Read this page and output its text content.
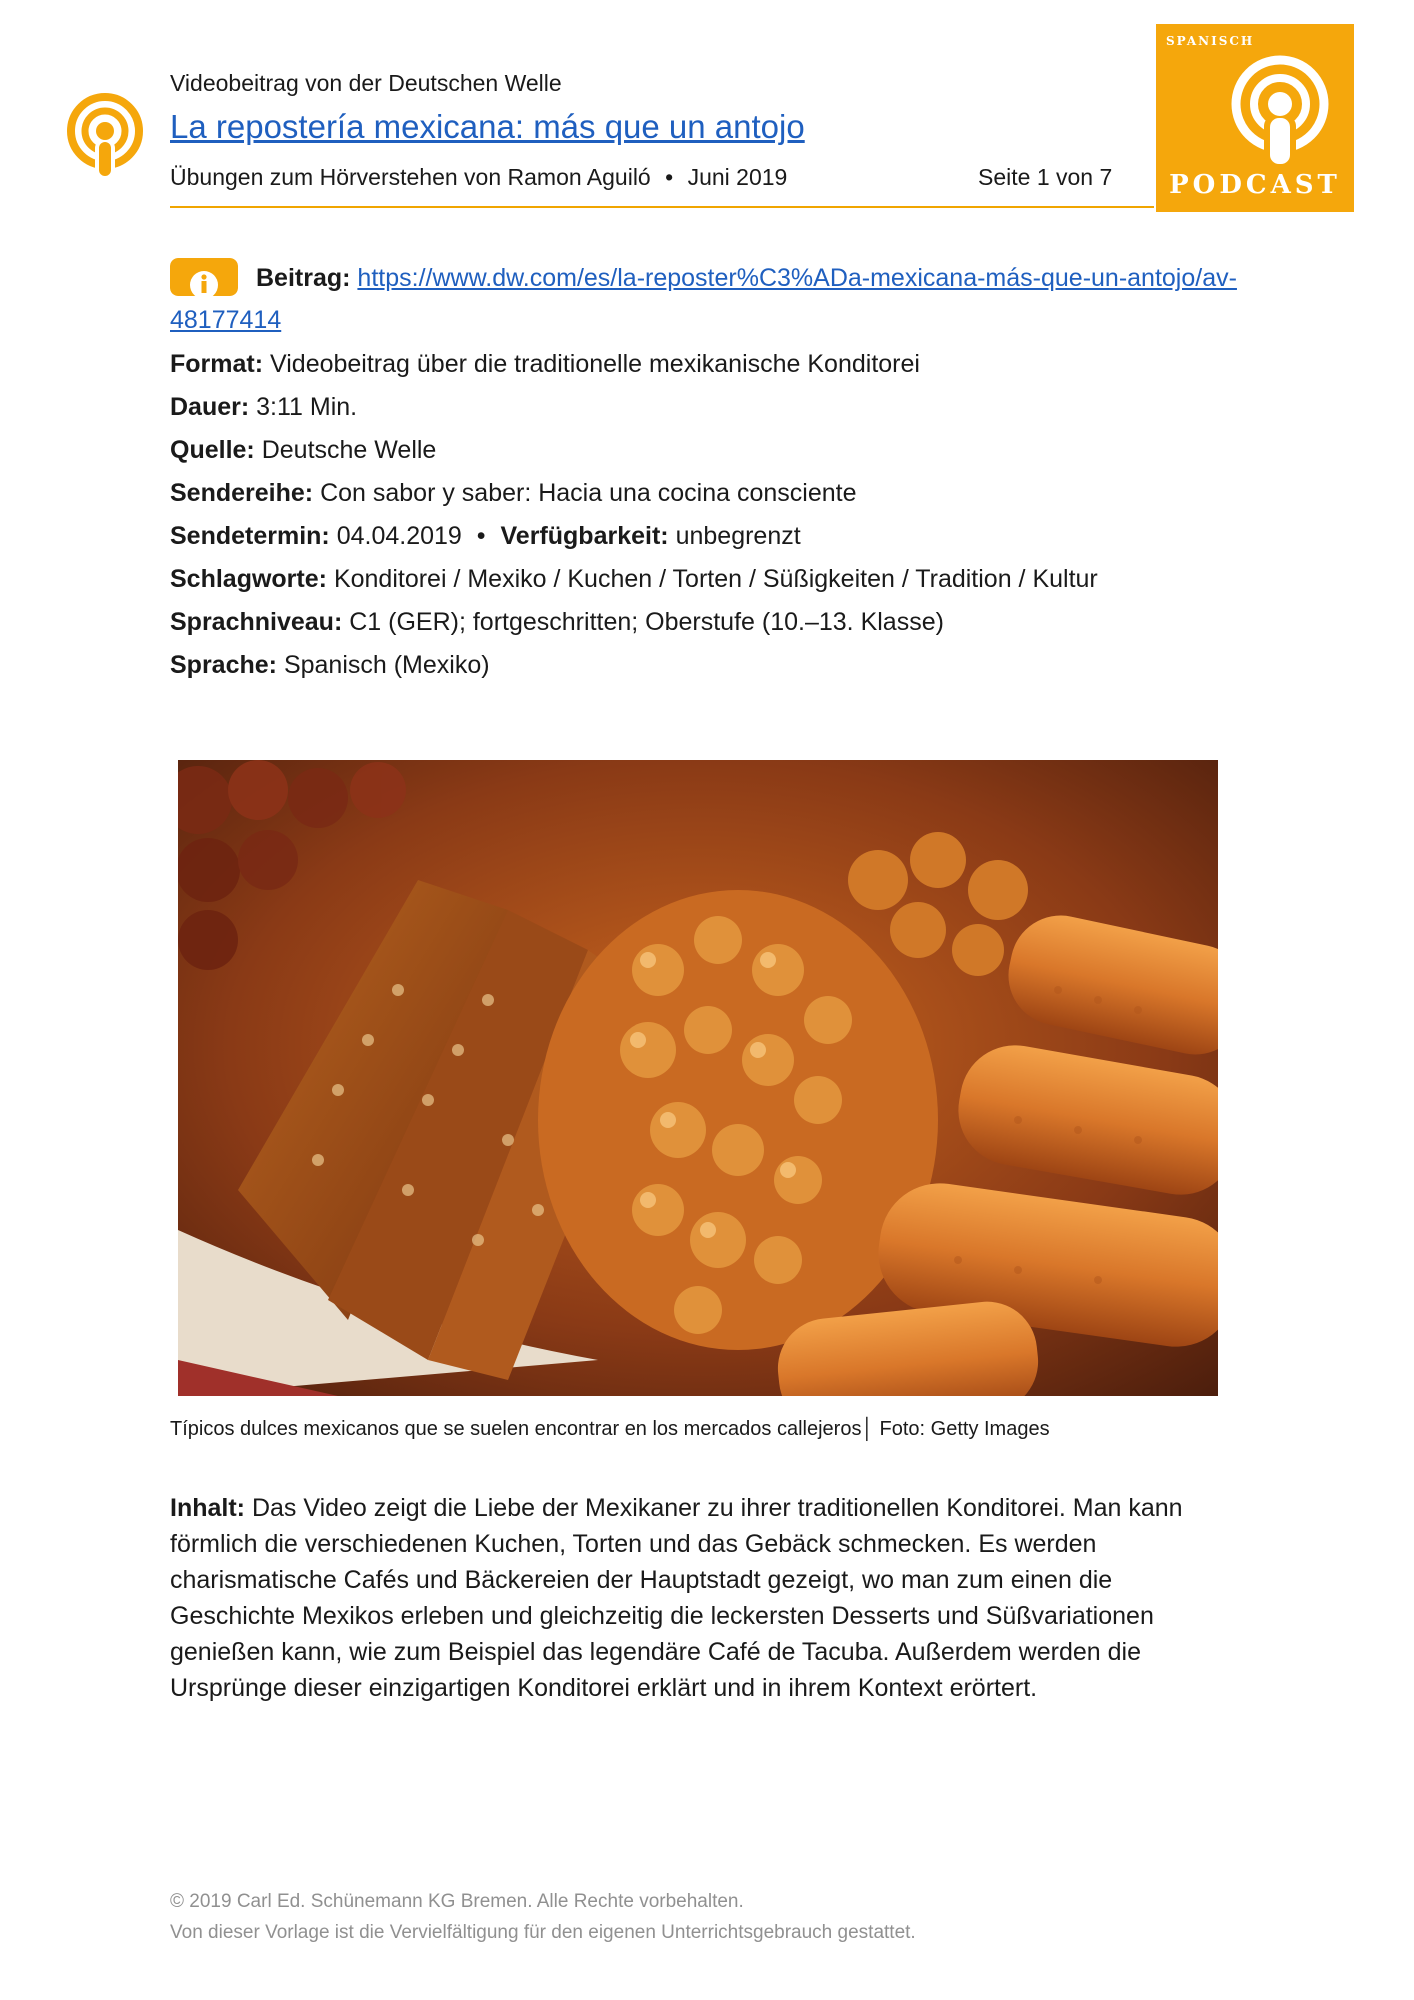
Videobeitrag von der Deutschen Welle
La repostería mexicana: más que un antojo
Übungen zum Hörverstehen von Ramon Aguiló • Juni 2019	Seite 1 von 7
SPANISCH
PODCAST
Beitrag: https://www.dw.com/es/la-reposter%C3%ADa-mexicana-más-que-un-antojo/av-
48177414
Format: Videobeitrag über die traditionelle mexikanische Konditorei
Dauer: 3:11 Min.
Quelle: Deutsche Welle
Sendereihe: Con sabor y saber: Hacia una cocina consciente
Sendetermin: 04.04.2019 • Verfügbarkeit: unbegrenzt
Schlagworte: Konditorei / Mexiko / Kuchen / Torten / Süßigkeiten / Tradition / Kultur
Sprachniveau: C1 (GER); fortgeschritten; Oberstufe (10.–13. Klasse)
Sprache: Spanisch (Mexiko)
Típicos dulces mexicanos que se suelen encontrar en los mercados callejeros│ Foto: Getty Images
Inhalt: Das Video zeigt die Liebe der Mexikaner zu ihrer traditionellen Konditorei. Man kann
förmlich die verschiedenen Kuchen, Torten und das Gebäck schmecken. Es werden
charismatische Cafés und Bäckereien der Hauptstadt gezeigt, wo man zum einen die
Geschichte Mexikos erleben und gleichzeitig die leckersten Desserts und Süßvariationen
genießen kann, wie zum Beispiel das legendäre Café de Tacuba. Außerdem werden die
Ursprünge dieser einzigartigen Konditorei erklärt und in ihrem Kontext erörtert.
© 2019 Carl Ed. Schünemann KG Bremen. Alle Rechte vorbehalten.
Von dieser Vorlage ist die Vervielfältigung für den eigenen Unterrichtsgebrauch gestattet.
